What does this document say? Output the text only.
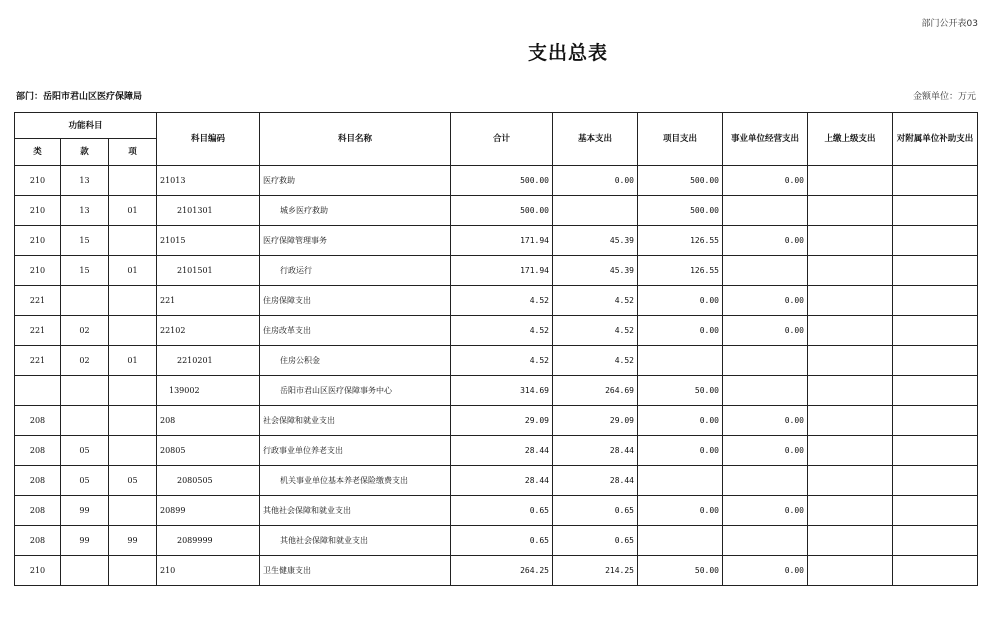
部门公开表03
支出总表
部门：岳阳市君山区医疗保障局	金额单位：万元
功能科目			科目编码	科目名称	合计	基本支出	项目支出	事业单位经营支出	上缴上级支出	对附属单位补助支出
类	款	项								
210	13		21013	医疗救助	500.00	0.00	500.00	0.00		
210	13	01	2101301	城乡医疗救助	500.00		500.00			
210	15		21015	医疗保障管理事务	171.94	45.39	126.55	0.00		
210	15	01	2101501	行政运行	171.94	45.39	126.55			
221			221	住房保障支出	4.52	4.52	0.00	0.00		
221	02		22102	住房改革支出	4.52	4.52	0.00	0.00		
221	02	01	2210201	住房公积金	4.52	4.52				
			139002	岳阳市君山区医疗保障事务中心	314.69	264.69	50.00			
208			208	社会保障和就业支出	29.09	29.09	0.00	0.00		
208	05		20805	行政事业单位养老支出	28.44	28.44	0.00	0.00		
208	05	05	2080505	机关事业单位基本养老保险缴费支出	28.44	28.44				
208	99		20899	其他社会保障和就业支出	0.65	0.65	0.00	0.00		
208	99	99	2089999	其他社会保障和就业支出	0.65	0.65				
210			210	卫生健康支出	264.25	214.25	50.00	0.00		
